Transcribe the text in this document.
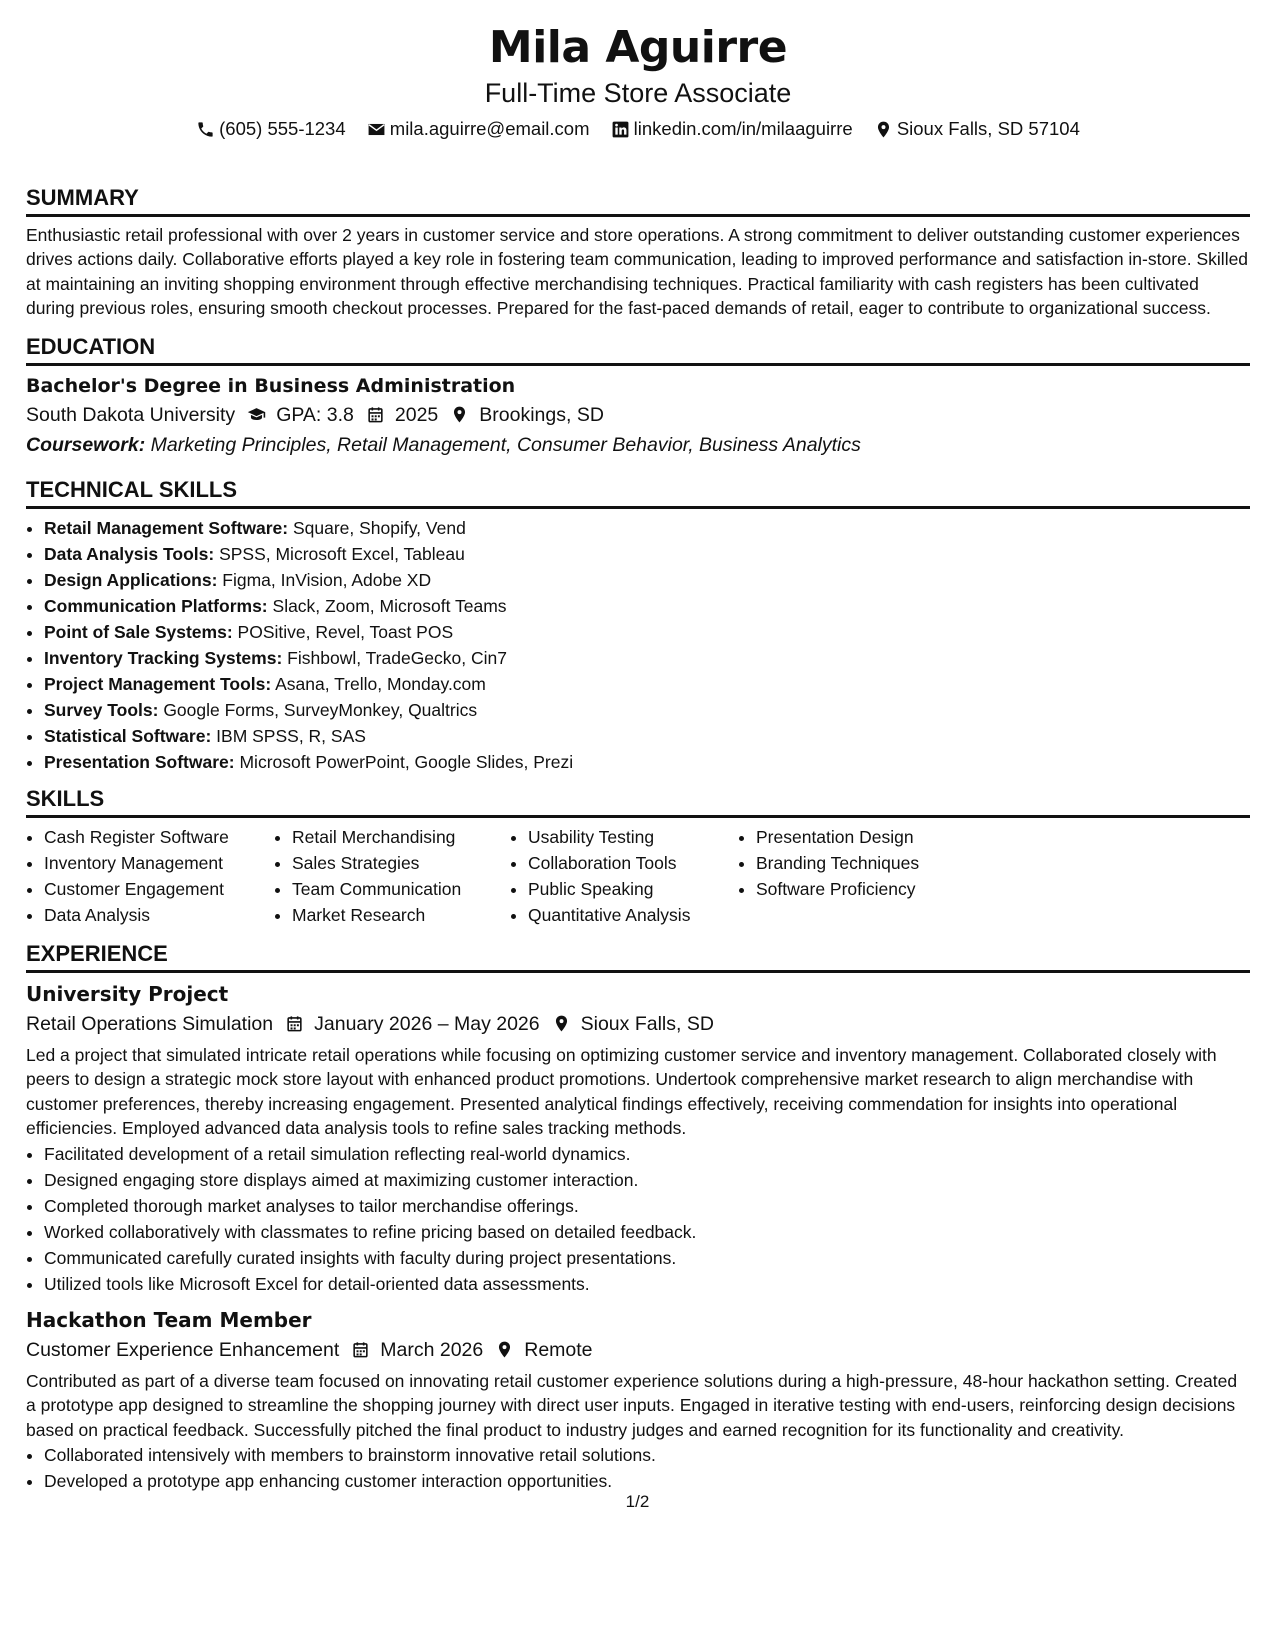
Mila Aguirre
Full-Time Store Associate
(605) 555-1234
mila.aguirre@email.com
linkedin.com/in/milaaguirre
Sioux Falls, SD 57104
SUMMARY

Enthusiastic retail professional with over 2 years in customer service and store operations. A strong commitment to deliver outstanding customer experiences drives actions daily. Collaborative efforts played a key role in fostering team communication, leading to improved performance and satisfaction in-store. Skilled at maintaining an inviting shopping environment through effective merchandising techniques. Practical familiarity with cash registers has been cultivated during previous roles, ensuring smooth checkout processes. Prepared for the fast-paced demands of retail, eager to contribute to organizational success.

EDUCATION
Bachelor's Degree in Business Administration
South Dakota University GPA: 3.8 2025 Brookings, SD
Coursework: Marketing Principles, Retail Management, Consumer Behavior, Business Analytics
TECHNICAL SKILLS
• Retail Management Software: Square, Shopify, Vend
• Data Analysis Tools: SPSS, Microsoft Excel, Tableau
• Design Applications: Figma, InVision, Adobe XD
• Communication Platforms: Slack, Zoom, Microsoft Teams
• Point of Sale Systems: POSitive, Revel, Toast POS
• Inventory Tracking Systems: Fishbowl, TradeGecko, Cin7
• Project Management Tools: Asana, Trello, Monday.com
• Survey Tools: Google Forms, SurveyMonkey, Qualtrics
• Statistical Software: IBM SPSS, R, SAS
• Presentation Software: Microsoft PowerPoint, Google Slides, Prezi
SKILLS
• Cash Register Software
• Inventory Management
• Customer Engagement
• Data Analysis
• Retail Merchandising
• Sales Strategies
• Team Communication
• Market Research
• Usability Testing
• Collaboration Tools
• Public Speaking
• Quantitative Analysis
• Presentation Design
• Branding Techniques
• Software Proficiency
EXPERIENCE
University Project
Retail Operations Simulation January 2026 – May 2026 Sioux Falls, SD

Led a project that simulated intricate retail operations while focusing on optimizing customer service and inventory management. Collaborated closely with peers to design a strategic mock store layout with enhanced product promotions. Undertook comprehensive market research to align merchandise with customer preferences, thereby increasing engagement. Presented analytical findings effectively, receiving commendation for insights into operational efficiencies. Employed advanced data analysis tools to refine sales tracking methods.

• Facilitated development of a retail simulation reflecting real-world dynamics.
• Designed engaging store displays aimed at maximizing customer interaction.
• Completed thorough market analyses to tailor merchandise offerings.
• Worked collaboratively with classmates to refine pricing based on detailed feedback.
• Communicated carefully curated insights with faculty during project presentations.
• Utilized tools like Microsoft Excel for detail-oriented data assessments.
Hackathon Team Member
Customer Experience Enhancement March 2026 Remote

Contributed as part of a diverse team focused on innovating retail customer experience solutions during a high-pressure, 48-hour hackathon setting. Created a prototype app designed to streamline the shopping journey with direct user inputs. Engaged in iterative testing with end-users, reinforcing design decisions based on practical feedback. Successfully pitched the final product to industry judges and earned recognition for its functionality and creativity.

• Collaborated intensively with members to brainstorm innovative retail solutions.
• Developed a prototype app enhancing customer interaction opportunities.
1/2
